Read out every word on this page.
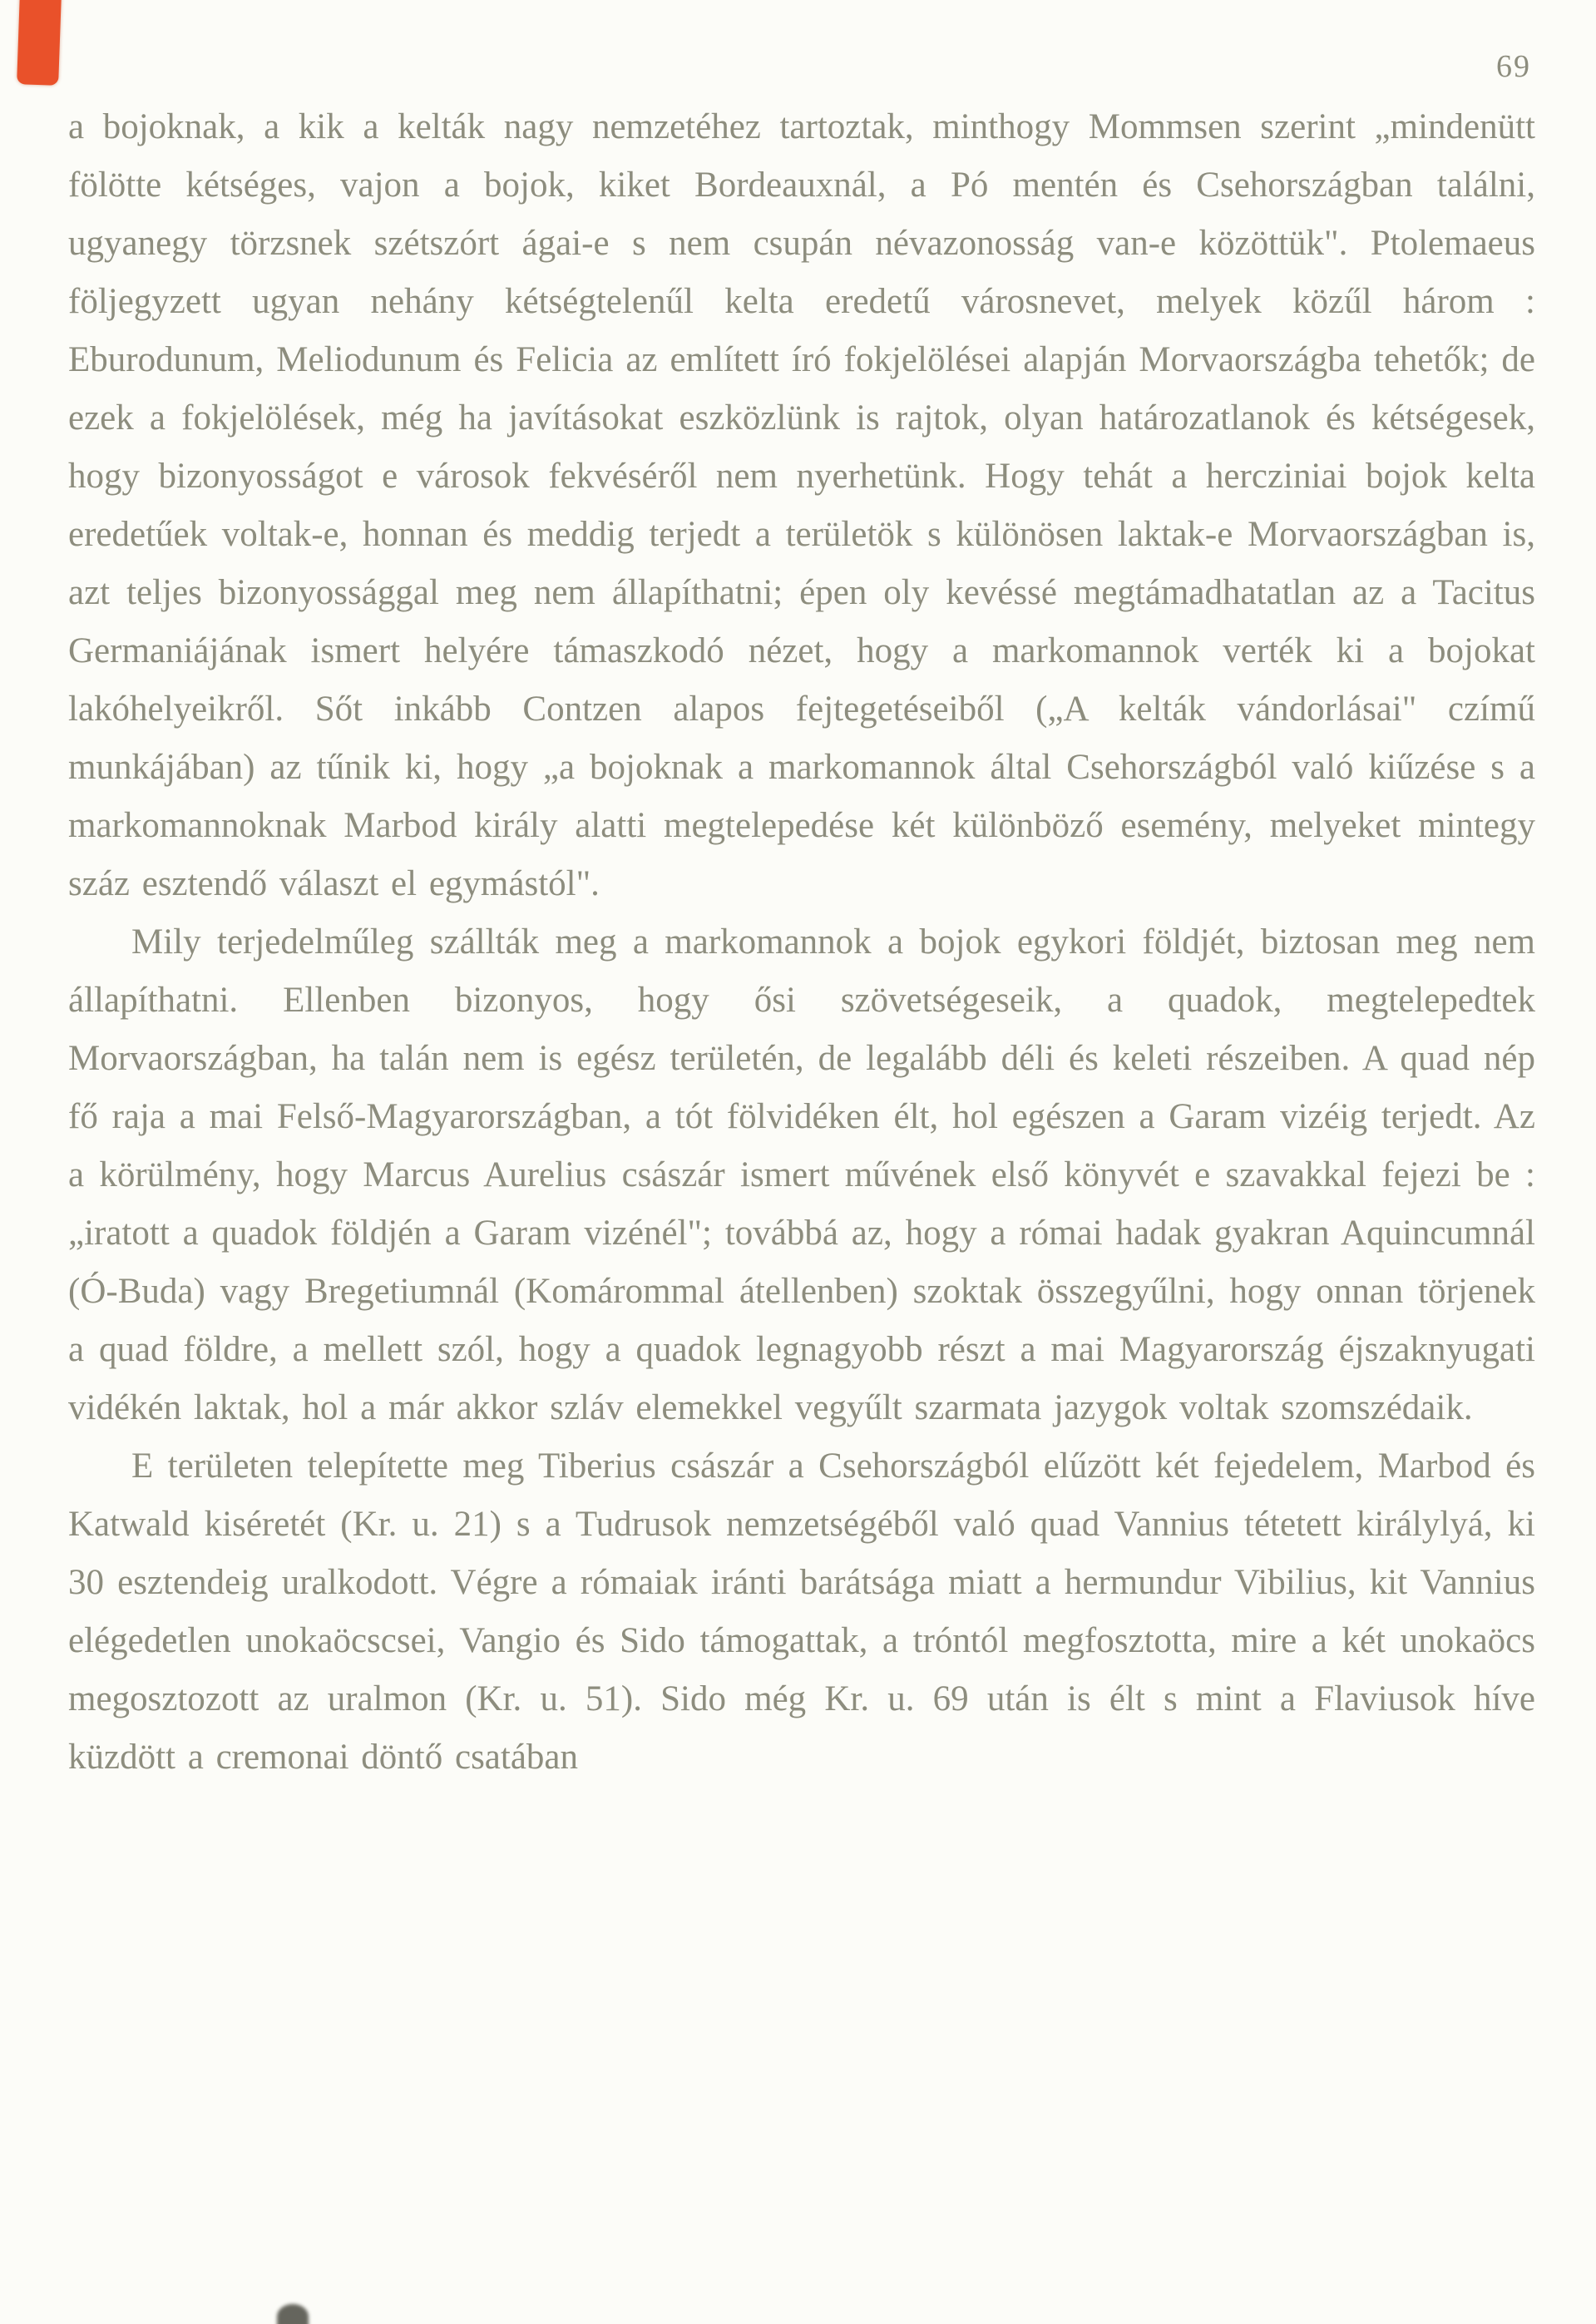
69

a bojoknak, a kik a kelták nagy nemzetéhez tartoztak, minthogy Mommsen szerint „mindenütt fölötte kétséges, vajon a bojok, kiket Bordeauxnál, a Pó mentén és Csehországban találni, ugyanegy törzsnek szétszórt ágai-e s nem csupán névazonosság van-e közöttük". Ptolemaeus följegyzett ugyan nehány kétségtelenűl kelta eredetű városnevet, melyek közűl három : Eburodunum, Meliodunum és Felicia az említett író fokjelölései alapján Morvaországba tehetők; de ezek a fokjelölések, még ha javításokat eszközlünk is rajtok, olyan határozatlanok és kétségesek, hogy bizonyosságot e városok fekvéséről nem nyerhetünk. Hogy tehát a hercziniai bojok kelta eredetűek voltak-e, honnan és meddig terjedt a területök s különösen laktak-e Morvaországban is, azt teljes bizonyossággal meg nem állapíthatni; épen oly kevéssé megtámadhatatlan az a Tacitus Germaniájának ismert helyére támaszkodó nézet, hogy a markomannok verték ki a bojokat lakóhelyeikről. Sőt inkább Contzen alapos fejtegetéseiből („A kelták vándorlásai" czímű munkájában) az tűnik ki, hogy „a bojoknak a markomannok által Csehországból való kiűzése s a markomannoknak Marbod király alatti megtelepedése két különböző esemény, melyeket mintegy száz esztendő választ el egymástól".

Mily terjedelműleg szállták meg a markomannok a bojok egykori földjét, biztosan meg nem állapíthatni. Ellenben bizonyos, hogy ősi szövetségeseik, a quadok, megtelepedtek Morvaországban, ha talán nem is egész területén, de legalább déli és keleti részeiben. A quad nép fő raja a mai Felső-Magyarországban, a tót fölvidéken élt, hol egészen a Garam vizéig terjedt. Az a körülmény, hogy Marcus Aurelius császár ismert művének első könyvét e szavakkal fejezi be : „iratott a quadok földjén a Garam vizénél"; továbbá az, hogy a római hadak gyakran Aquincumnál (Ó-Buda) vagy Bregetiumnál (Komárommal átellenben) szoktak összegyűlni, hogy onnan törjenek a quad földre, a mellett szól, hogy a quadok legnagyobb részt a mai Magyarország éjszaknyugati vidékén laktak, hol a már akkor szláv elemekkel vegyűlt szarmata jazygok voltak szomszédaik.

E területen telepítette meg Tiberius császár a Csehországból elűzött két fejedelem, Marbod és Katwald kiséretét (Kr. u. 21) s a Tudrusok nemzetségéből való quad Vannius tétetett királylyá, ki 30 esztendeig uralkodott. Végre a rómaiak iránti barátsága miatt a hermundur Vibilius, kit Vannius elégedetlen unokaöcscsei, Vangio és Sido támogattak, a tróntól megfosztotta, mire a két unokaöcs megosztozott az uralmon (Kr. u. 51). Sido még Kr. u. 69 után is élt s mint a Flaviusok híve küzdött a cremonai döntő csatában
